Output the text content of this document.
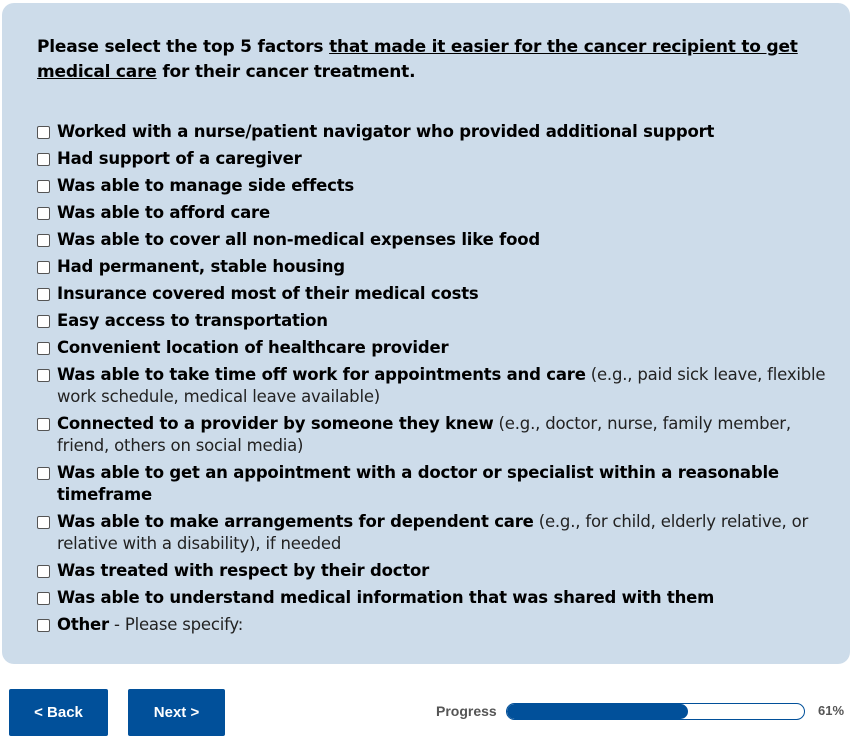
Please select the top 5 factors that made it easier for the cancer recipient to get medical care for their cancer treatment.
Worked with a nurse/patient navigator who provided additional support
Had support of a caregiver
Was able to manage side effects
Was able to afford care
Was able to cover all non-medical expenses like food
Had permanent, stable housing
Insurance covered most of their medical costs
Easy access to transportation
Convenient location of healthcare provider
Was able to take time off work for appointments and care (e.g., paid sick leave, flexible work schedule, medical leave available)
Connected to a provider by someone they knew (e.g., doctor, nurse, family member, friend, others on social media)
Was able to get an appointment with a doctor or specialist within a reasonable timeframe
Was able to make arrangements for dependent care (e.g., for child, elderly relative, or relative with a disability), if needed
Was treated with respect by their doctor
Was able to understand medical information that was shared with them
Other - Please specify:
< Back	Next >	Progress	61%
